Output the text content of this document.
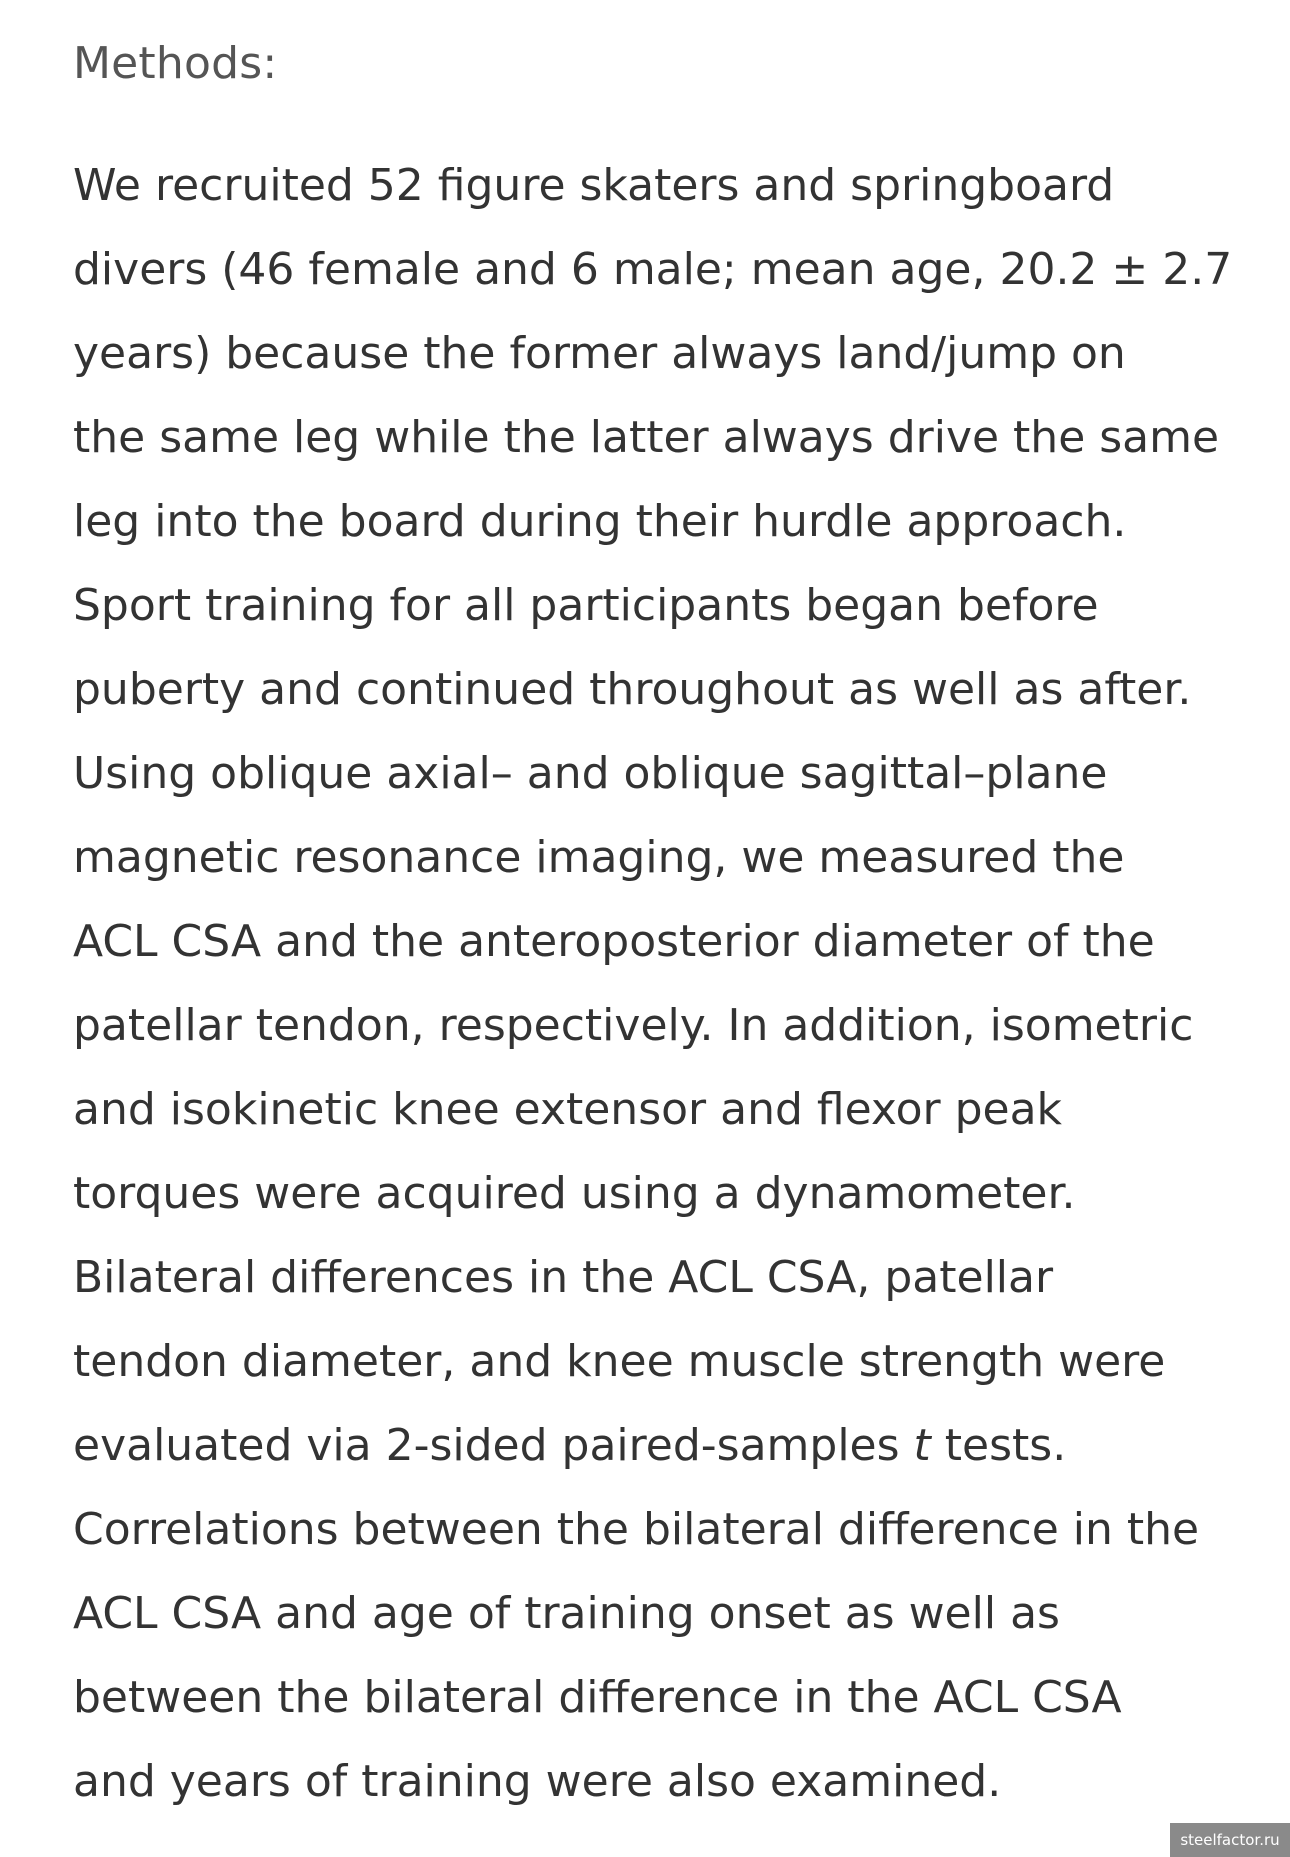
Methods:

We recruited 52 figure skaters and springboard
divers (46 female and 6 male; mean age, 20.2 ± 2.7
years) because the former always land/jump on
the same leg while the latter always drive the same
leg into the board during their hurdle approach.
Sport training for all participants began before
puberty and continued throughout as well as after.
Using oblique axial– and oblique sagittal–plane
magnetic resonance imaging, we measured the
ACL CSA and the anteroposterior diameter of the
patellar tendon, respectively. In addition, isometric
and isokinetic knee extensor and flexor peak
torques were acquired using a dynamometer.
Bilateral differences in the ACL CSA, patellar
tendon diameter, and knee muscle strength were
evaluated via 2-sided paired-samples t tests.
Correlations between the bilateral difference in the
ACL CSA and age of training onset as well as
between the bilateral difference in the ACL CSA
and years of training were also examined.

steelfactor.ru
